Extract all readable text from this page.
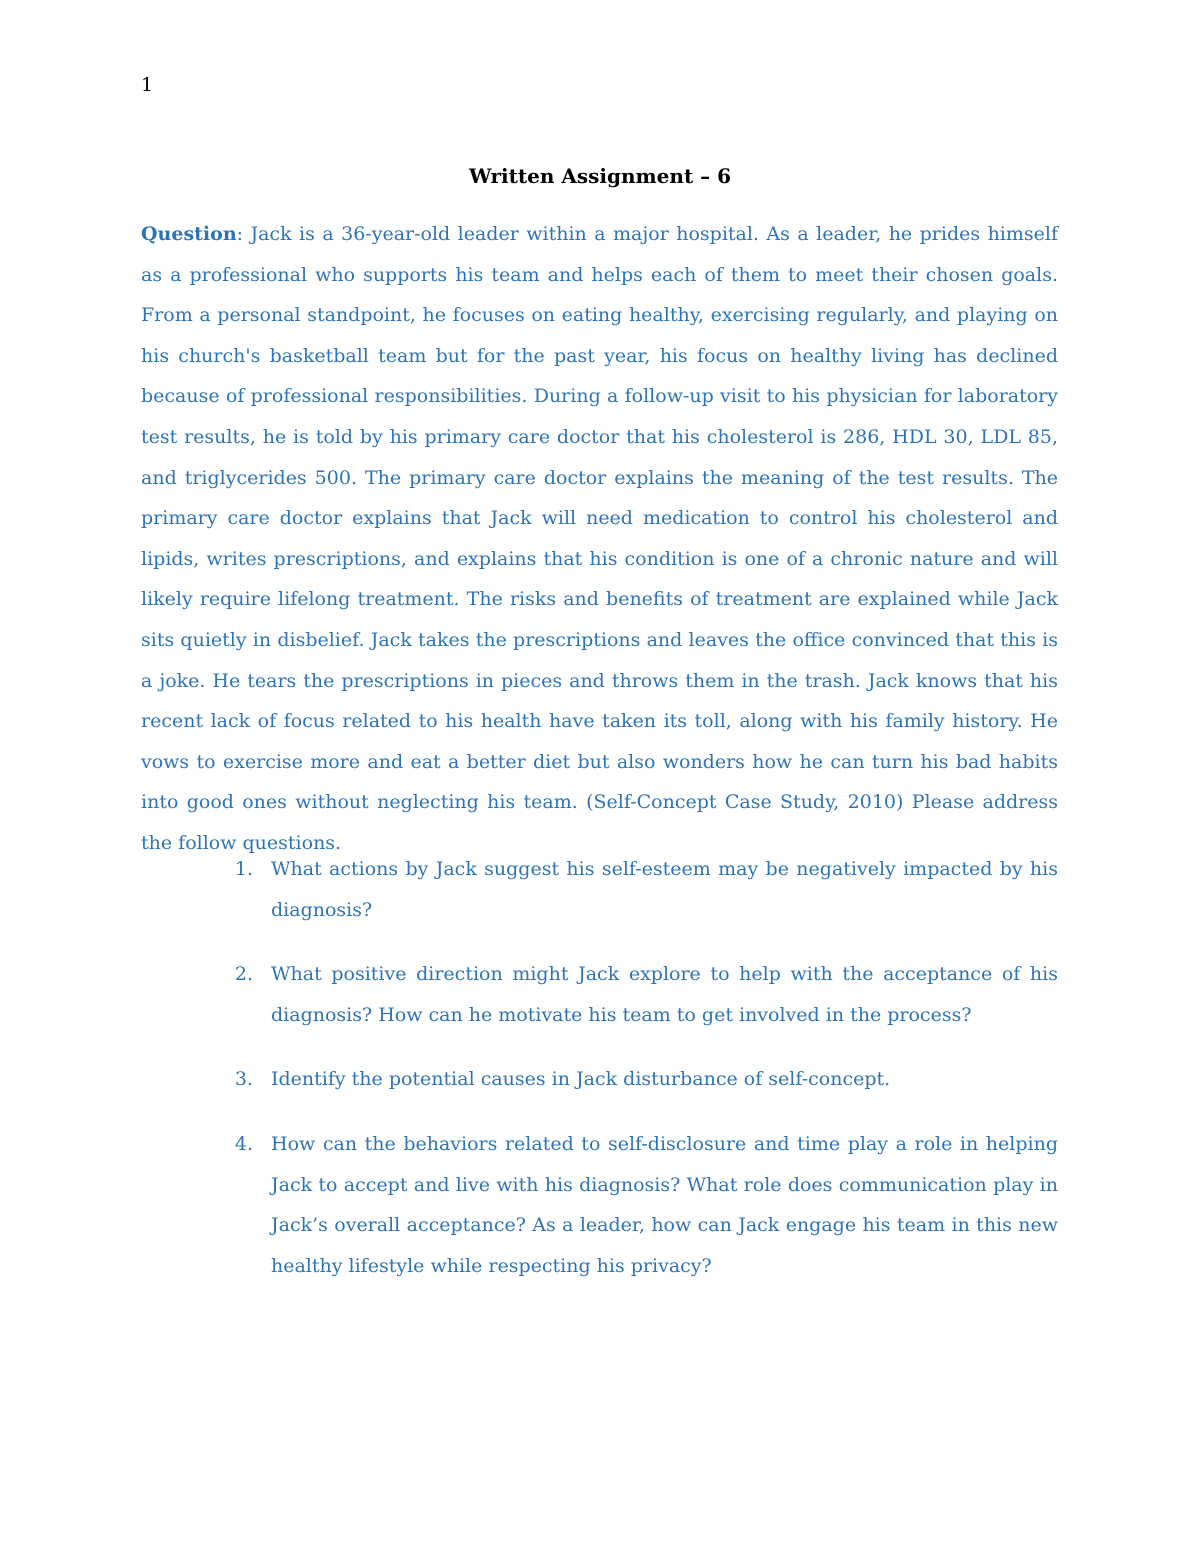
1
Written Assignment – 6

Question: Jack is a 36-year-old leader within a major hospital. As a leader, he prides himself as a professional who supports his team and helps each of them to meet their chosen goals. From a personal standpoint, he focuses on eating healthy, exercising regularly, and playing on his church's basketball team but for the past year, his focus on healthy living has declined because of professional responsibilities. During a follow-up visit to his physician for laboratory test results, he is told by his primary care doctor that his cholesterol is 286, HDL 30, LDL 85, and triglycerides 500. The primary care doctor explains the meaning of the test results. The primary care doctor explains that Jack will need medication to control his cholesterol and lipids, writes prescriptions, and explains that his condition is one of a chronic nature and will likely require lifelong treatment. The risks and benefits of treatment are explained while Jack sits quietly in disbelief. Jack takes the prescriptions and leaves the office convinced that this is a joke. He tears the prescriptions in pieces and throws them in the trash. Jack knows that his recent lack of focus related to his health have taken its toll, along with his family history. He vows to exercise more and eat a better diet but also wonders how he can turn his bad habits into good ones without neglecting his team. (Self-Concept Case Study, 2010) Please address the follow questions.

1. What actions by Jack suggest his self-esteem may be negatively impacted by his diagnosis?
2. What positive direction might Jack explore to help with the acceptance of his diagnosis? How can he motivate his team to get involved in the process?
3. Identify the potential causes in Jack disturbance of self-concept.
4. How can the behaviors related to self-disclosure and time play a role in helping Jack to accept and live with his diagnosis? What role does communication play in Jack’s overall acceptance? As a leader, how can Jack engage his team in this new healthy lifestyle while respecting his privacy?
